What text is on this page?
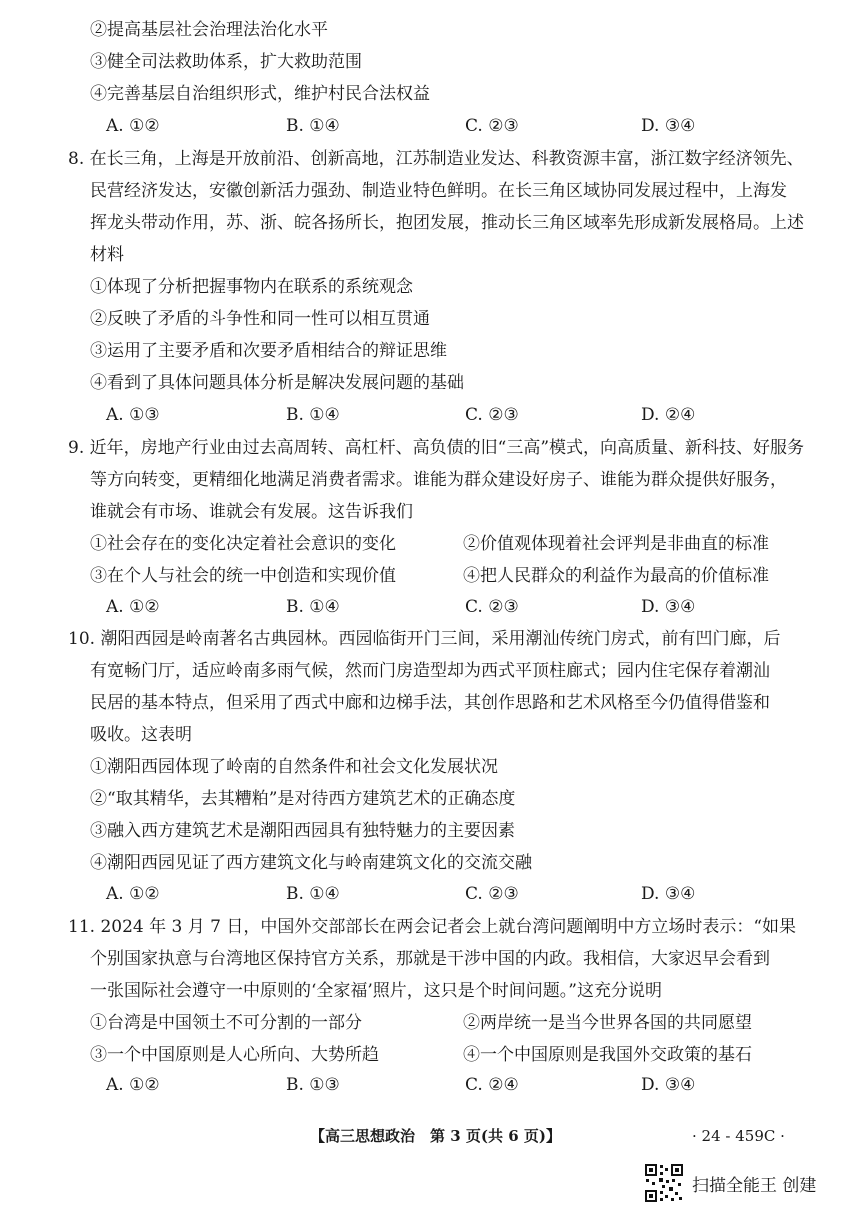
②提高基层社会治理法治化水平
③健全司法救助体系，扩大救助范围
④完善基层自治组织形式，维护村民合法权益
A. ①②	B. ①④	C. ②③	D. ③④
8. 在长三角，上海是开放前沿、创新高地，江苏制造业发达、科教资源丰富，浙江数字经济领先、
民营经济发达，安徽创新活力强劲、制造业特色鲜明。在长三角区域协同发展过程中，上海发
挥龙头带动作用，苏、浙、皖各扬所长，抱团发展，推动长三角区域率先形成新发展格局。上述
材料
①体现了分析把握事物内在联系的系统观念
②反映了矛盾的斗争性和同一性可以相互贯通
③运用了主要矛盾和次要矛盾相结合的辩证思维
④看到了具体问题具体分析是解决发展问题的基础
A. ①③	B. ①④	C. ②③	D. ②④
9. 近年，房地产行业由过去高周转、高杠杆、高负债的旧“三高”模式，向高质量、新科技、好服务
等方向转变，更精细化地满足消费者需求。谁能为群众建设好房子、谁能为群众提供好服务，
谁就会有市场、谁就会有发展。这告诉我们
①社会存在的变化决定着社会意识的变化	②价值观体现着社会评判是非曲直的标准
③在个人与社会的统一中创造和实现价值	④把人民群众的利益作为最高的价值标准
A. ①②	B. ①④	C. ②③	D. ③④
10. 潮阳西园是岭南著名古典园林。西园临街开门三间，采用潮汕传统门房式，前有凹门廊，后
有宽畅门厅，适应岭南多雨气候，然而门房造型却为西式平顶柱廊式；园内住宅保存着潮汕
民居的基本特点，但采用了西式中廊和边梯手法，其创作思路和艺术风格至今仍值得借鉴和
吸收。这表明
①潮阳西园体现了岭南的自然条件和社会文化发展状况
②“取其精华，去其糟粕”是对待西方建筑艺术的正确态度
③融入西方建筑艺术是潮阳西园具有独特魅力的主要因素
④潮阳西园见证了西方建筑文化与岭南建筑文化的交流交融
A. ①②	B. ①④	C. ②③	D. ③④
11. 2024 年 3 月 7 日，中国外交部部长在两会记者会上就台湾问题阐明中方立场时表示：“如果
个别国家执意与台湾地区保持官方关系，那就是干涉中国的内政。我相信，大家迟早会看到
一张国际社会遵守一中原则的‘全家福’照片，这只是个时间问题。”这充分说明
①台湾是中国领土不可分割的一部分	②两岸统一是当今世界各国的共同愿望
③一个中国原则是人心所向、大势所趋	④一个中国原则是我国外交政策的基石
A. ①②	B. ①③	C. ②④	D. ③④
【高三思想政治　第 3 页(共 6 页)】	· 24 - 459C ·
扫描全能王 创建
